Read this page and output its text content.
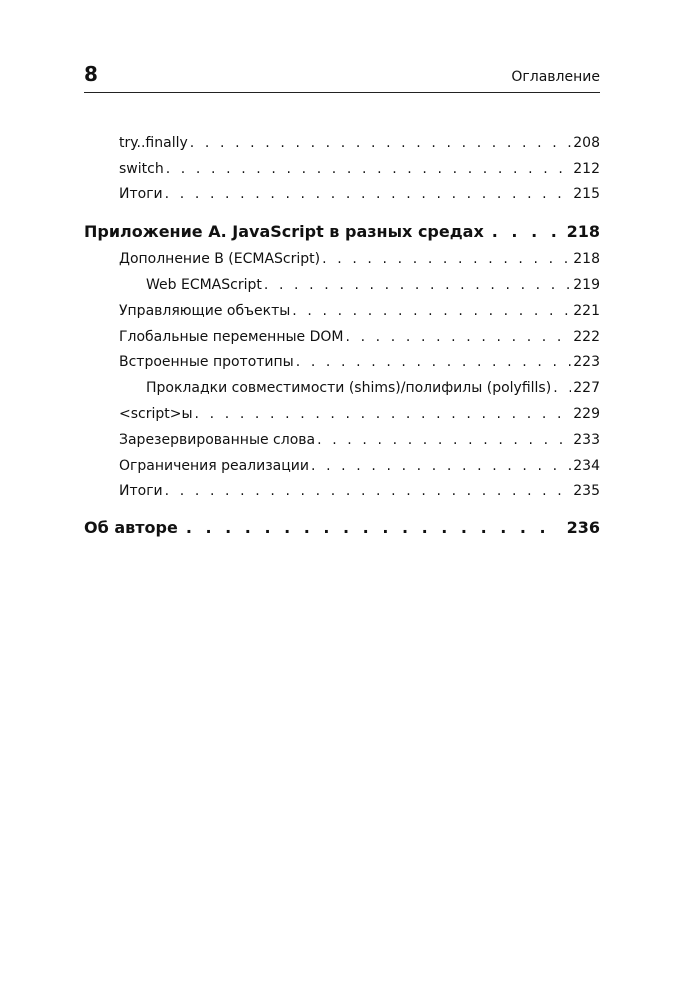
8	Оглавление
try..finally . . .	208
switch . . .	212
Итоги . . .	215
Приложение А. JavaScript в разных средах . . .	218
Дополнение В (ECMAScript) . . .	218
Web ECMAScript . . .	219
Управляющие объекты . . .	221
Глобальные переменные DOM . . .	222
Встроенные прототипы . . .	223
Прокладки совместимости (shims)/полифилы (polyfills) . . . 227
<script>ы . . .	229
Зарезервированные слова . . .	233
Ограничения реализации . . .	234
Итоги . . .	235
Об авторе . . .	236
